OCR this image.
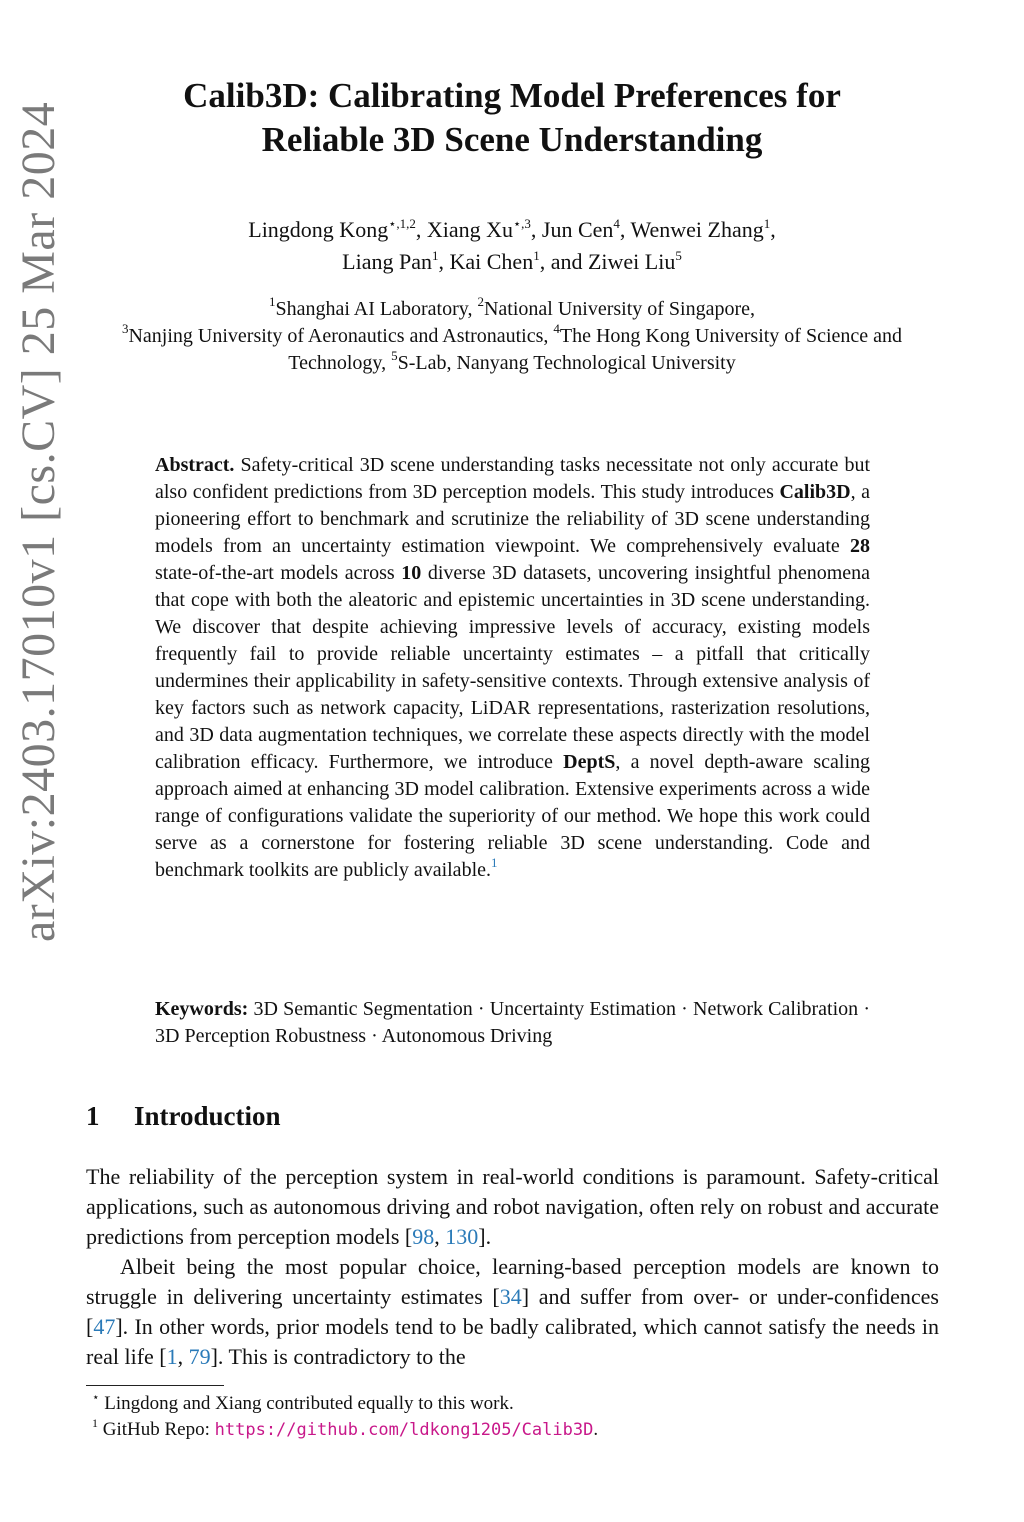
arXiv:2403.17010v1 [cs.CV] 25 Mar 2024
Calib3D: Calibrating Model Preferences for
Reliable 3D Scene Understanding
Lingdong Kong$^{⋆,1,2}$, Xiang $Xu^{⋆,3}$, Jun Cen$^4$, Wenwei Zhang$^1$,
Liang Pan$^1$, Kai Chen$^1$, and Ziwei Liu$^5$
$^1$Shanghai AI Laboratory, $^2$National University of Singapore,
$^3$Nanjing University of Aeronautics and Astronautics, $^4$The Hong Kong University of Science and Technology, $^5$S-Lab, Nanyang Technological University
Abstract. Safety-critical 3D scene understanding tasks necessitate not only accurate but also confident predictions from 3D perception models. This study introduces Calib3D, a pioneering effort to benchmark and scrutinize the reliability of 3D scene understanding models from an uncertainty estimation viewpoint. We comprehensively evaluate 28 state-of-the-art models across 10 diverse 3D datasets, uncovering insightful phenomena that cope with both the aleatoric and epistemic uncertainties in 3D scene understanding. We discover that despite achieving impressive levels of accuracy, existing models frequently fail to provide reliable uncertainty estimates – a pitfall that critically undermines their applicability in safety-sensitive contexts. Through extensive analysis of key factors such as network capacity, LiDAR representations, rasterization resolutions, and 3D data augmentation techniques, we correlate these aspects directly with the model calibration efficacy. Furthermore, we introduce DeptS, a novel depth-aware scaling approach aimed at enhancing 3D model calibration. Extensive experiments across a wide range of configurations validate the superiority of our method. We hope this work could serve as a cornerstone for fostering reliable 3D scene understanding. Code and benchmark toolkits are publicly available.$^1$
Keywords: 3D Semantic Segmentation · Uncertainty Estimation · Network Calibration · 3D Perception Robustness · Autonomous Driving
1 Introduction

The reliability of the perception system in real-world conditions is paramount. Safety-critical applications, such as autonomous driving and robot navigation, often rely on robust and accurate predictions from perception models [98, 130].

Albeit being the most popular choice, learning-based perception models are known to struggle in delivering uncertainty estimates [34] and suffer from over- or under-confidences [47]. In other words, prior models tend to be badly calibrated, which cannot satisfy the needs in real life [1, 79]. This is contradictory to the

⋆ Lingdong and Xiang contributed equally to this work.
$^1$ GitHub Repo: https://github.com/ldkong1205/Calib3D.
